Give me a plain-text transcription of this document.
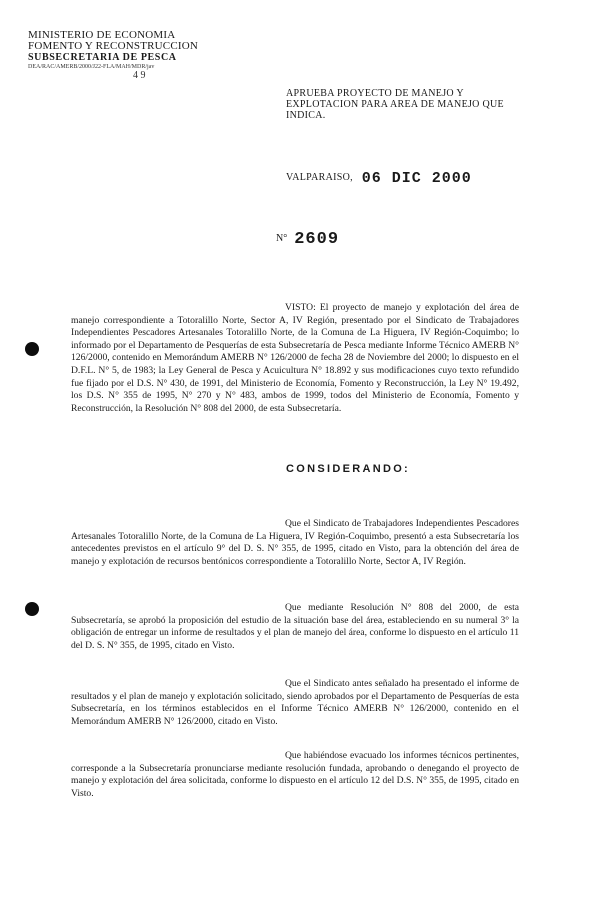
MINISTERIO DE ECONOMIA
FOMENTO Y RECONSTRUCCION
SUBSECRETARIA DE PESCA
DEA/RAC/AMERB/2000/J22-FLA/MAH/MDR/jav
4 9
APRUEBA PROYECTO DE MANEJO Y EXPLOTACION PARA AREA DE MANEJO QUE INDICA.
VALPARAISO, 06 DIC 2000
N° 2609
VISTO: El proyecto de manejo y explotación del área de manejo correspondiente a Totoralillo Norte, Sector A, IV Región, presentado por el Sindicato de Trabajadores Independientes Pescadores Artesanales Totoralillo Norte, de la Comuna de La Higuera, IV Región-Coquimbo; lo informado por el Departamento de Pesquerías de esta Subsecretaría de Pesca mediante Informe Técnico AMERB N° 126/2000, contenido en Memorándum AMERB N° 126/2000 de fecha 28 de Noviembre del 2000; lo dispuesto en el D.F.L. N° 5, de 1983; la Ley General de Pesca y Acuicultura N° 18.892 y sus modificaciones cuyo texto refundido fue fijado por el D.S. N° 430, de 1991, del Ministerio de Economía, Fomento y Reconstrucción, la Ley N° 19.492, los D.S. N° 355 de 1995, N° 270 y N° 483, ambos de 1999, todos del Ministerio de Economía, Fomento y Reconstrucción, la Resolución N° 808 del 2000, de esta Subsecretaría.
CONSIDERANDO:
Que el Sindicato de Trabajadores Independientes Pescadores Artesanales Totoralillo Norte, de la Comuna de La Higuera, IV Región-Coquimbo, presentó a esta Subsecretaría los antecedentes previstos en el artículo 9° del D. S. N° 355, de 1995, citado en Visto, para la obtención del área de manejo y explotación de recursos bentónicos correspondiente a Totoralillo Norte, Sector A, IV Región.
Que mediante Resolución N° 808 del 2000, de esta Subsecretaría, se aprobó la proposición del estudio de la situación base del área, estableciendo en su numeral 3° la obligación de entregar un informe de resultados y el plan de manejo del área, conforme lo dispuesto en el artículo 11 del D. S. N° 355, de 1995, citado en Visto.
Que el Sindicato antes señalado ha presentado el informe de resultados y el plan de manejo y explotación solicitado, siendo aprobados por el Departamento de Pesquerías de esta Subsecretaría, en los términos establecidos en el Informe Técnico AMERB N° 126/2000, contenido en el Memorándum AMERB N° 126/2000, citado en Visto.
Que habiéndose evacuado los informes técnicos pertinentes, corresponde a la Subsecretaría pronunciarse mediante resolución fundada, aprobando o denegando el proyecto de manejo y explotación del área solicitada, conforme lo dispuesto en el artículo 12 del D.S. N° 355, de 1995, citado en Visto.
